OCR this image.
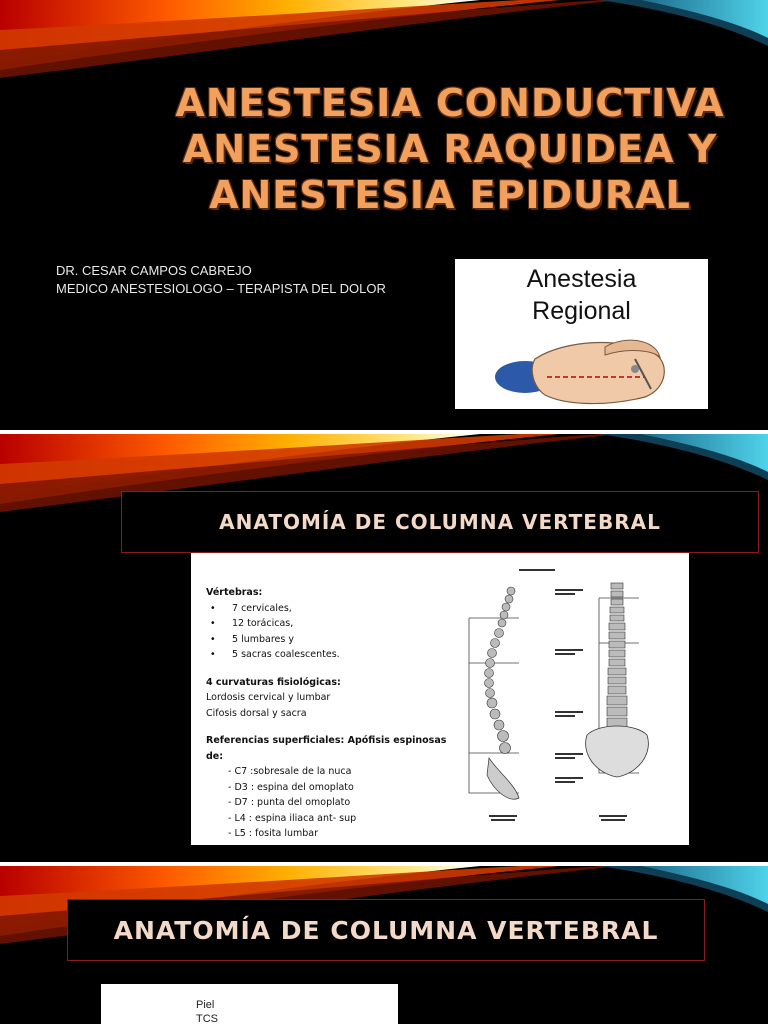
ANESTESIA CONDUCTIVA
ANESTESIA RAQUIDEA Y
ANESTESIA EPIDURAL
DR. CESAR CAMPOS CABREJO
MEDICO ANESTESIOLOGO – TERAPISTA DEL DOLOR	Anestesia
Regional
ANATOMÍA DE COLUMNA VERTEBRAL
Vértebras:
• 7 cervicales,
• 12 torácicas,
• 5 lumbares y
• 5 sacras coalescentes.
4 curvaturas fisiológicas:
Lordosis cervical y lumbar
Cifosis dorsal y sacra
Referencias superficiales: Apófisis espinosas de:
- C7 :sobresale de la nuca
- D3 : espina del omoplato
- D7 : punta del omoplato
- L4 : espina iliaca ant- sup
- L5 : fosita lumbar
ANATOMÍA DE COLUMNA VERTEBRAL
Piel
TCS
